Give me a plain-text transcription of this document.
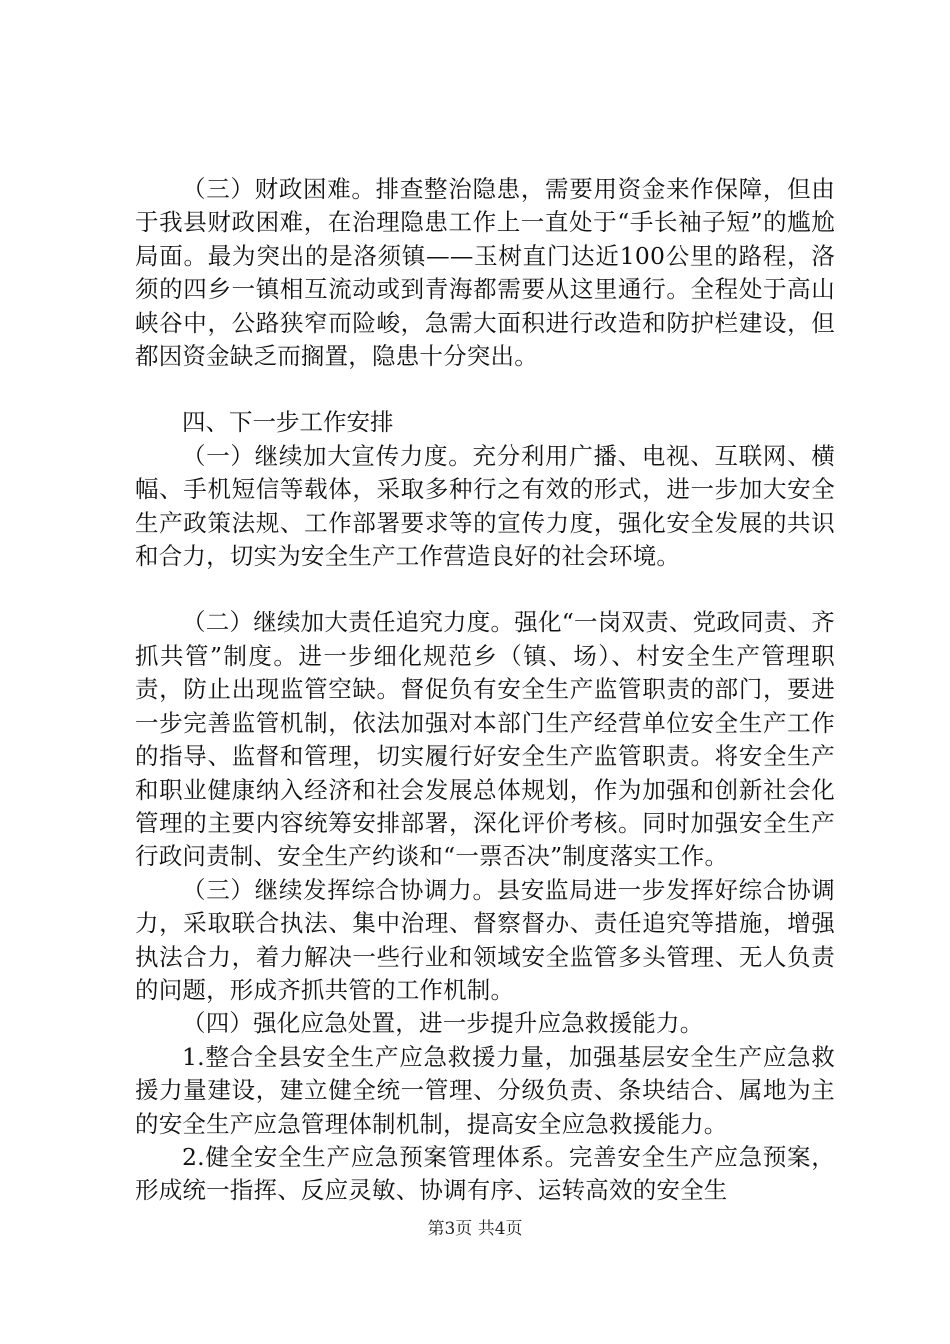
（三）财政困难。排查整治隐患，需要用资金来作保障，但由于我县财政困难，在治理隐患工作上一直处于“手长袖子短”的尴尬局面。最为突出的是洛须镇——玉树直门达近100公里的路程，洛须的四乡一镇相互流动或到青海都需要从这里通行。全程处于高山峡谷中，公路狭窄而险峻，急需大面积进行改造和防护栏建设，但都因资金缺乏而搁置，隐患十分突出。

四、下一步工作安排

（一）继续加大宣传力度。充分利用广播、电视、互联网、横幅、手机短信等载体，采取多种行之有效的形式，进一步加大安全生产政策法规、工作部署要求等的宣传力度，强化安全发展的共识和合力，切实为安全生产工作营造良好的社会环境。

（二）继续加大责任追究力度。强化“一岗双责、党政同责、齐抓共管”制度。进一步细化规范乡（镇、场）、村安全生产管理职责，防止出现监管空缺。督促负有安全生产监管职责的部门，要进一步完善监管机制，依法加强对本部门生产经营单位安全生产工作的指导、监督和管理，切实履行好安全生产监管职责。将安全生产和职业健康纳入经济和社会发展总体规划，作为加强和创新社会化管理的主要内容统筹安排部署，深化评价考核。同时加强安全生产行政问责制、安全生产约谈和“一票否决”制度落实工作。

（三）继续发挥综合协调力。县安监局进一步发挥好综合协调力，采取联合执法、集中治理、督察督办、责任追究等措施，增强执法合力，着力解决一些行业和领域安全监管多头管理、无人负责的问题，形成齐抓共管的工作机制。

（四）强化应急处置，进一步提升应急救援能力。

1.整合全县安全生产应急救援力量，加强基层安全生产应急救援力量建设，建立健全统一管理、分级负责、条块结合、属地为主的安全生产应急管理体制机制，提高安全应急救援能力。

2.健全安全生产应急预案管理体系。完善安全生产应急预案，形成统一指挥、反应灵敏、协调有序、运转高效的安全生

第3页 共4页
